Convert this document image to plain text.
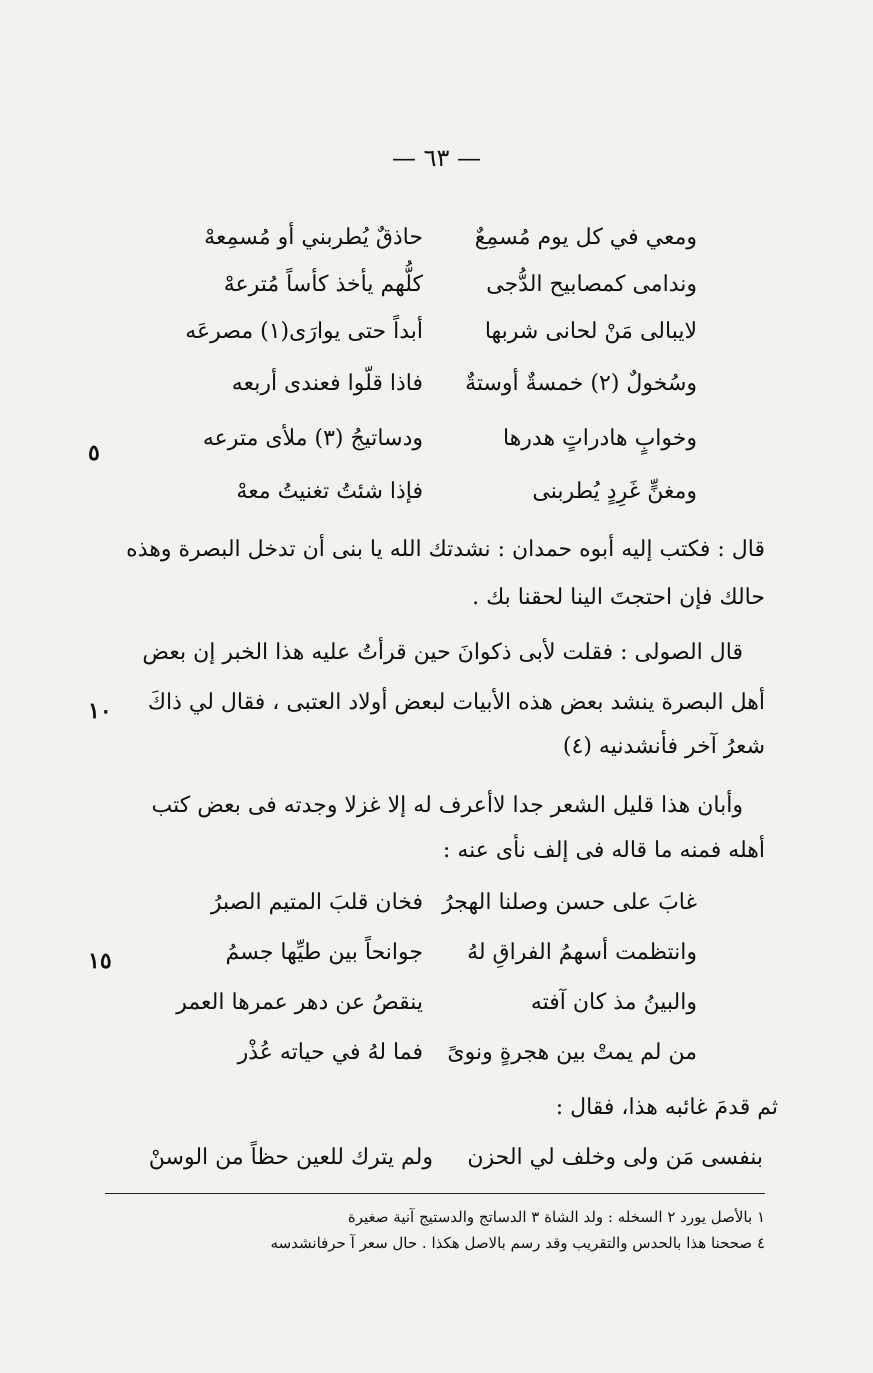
— ٦٣ —
ومعي في كل يوم مُسمِعٌ
حاذقٌ يُطربني أو مُسمِعهْ
وندامى كمصابيح الدُّجى
كلُّهم يأخذ كأساً مُترعهْ
لايبالى مَنْ لحانى شربها
أبداً حتى يوارَى(١) مصرعَه
وسُخولٌ (٢) خمسةٌ أوستةٌ
فاذا قلّوا فعندى أربعه
وخوابٍ هادراتٍ هدرها
ودساتيجُ (٣) ملأى مترعه
ومغنٍّ غَرِدٍ يُطربنى
فإذا شئتُ تغنيتُ معهْ
٥
قال : فكتب إليه أبوه حمدان : نشدتك الله يا بنى أن تدخل البصرة وهذه
حالك فإن احتجتَ الينا لحقنا بك .
قال الصولى : فقلت لأبى ذكوانَ حين قرأتُ عليه هذا الخبر إن بعض
أهل البصرة ينشد بعض هذه الأبيات لبعض أولاد العتبى ، فقال لي ذاكَ
شعرُ آخر فأنشدنيه (٤)
١٠
وأبان هذا قليل الشعر جدا لاأعرف له إلا غزلا وجدته فى بعض كتب
أهله فمنه ما قاله فى إلف نأى عنه :
غابَ على حسن وصلنا الهجرُ
فخان قلبَ المتيم الصبرُ
وانتظمت أسهمُ الفراقِ لهُ
جوانحاً بين طيِّها جسمُ
والبينُ مذ كان آفته
ينقصُ عن دهر عمرها العمر
من لم يمتْ بين هجرةٍ ونوىً
فما لهُ في حياته عُذْر
١٥
ثم قدمَ غائبه هذا، فقال :
بنفسى مَن ولى وخلف لي الحزن
ولم يترك للعين حظاً من الوسنْ
١ بالأصل يورد ٢ السخله : ولد الشاة ٣ الدساتج والدستيج آنية صغيرة
٤ صححنا هذا بالحدس والتقريب وقد رسم بالاصل هكذا . حال سعر آ حرفانشدسه
